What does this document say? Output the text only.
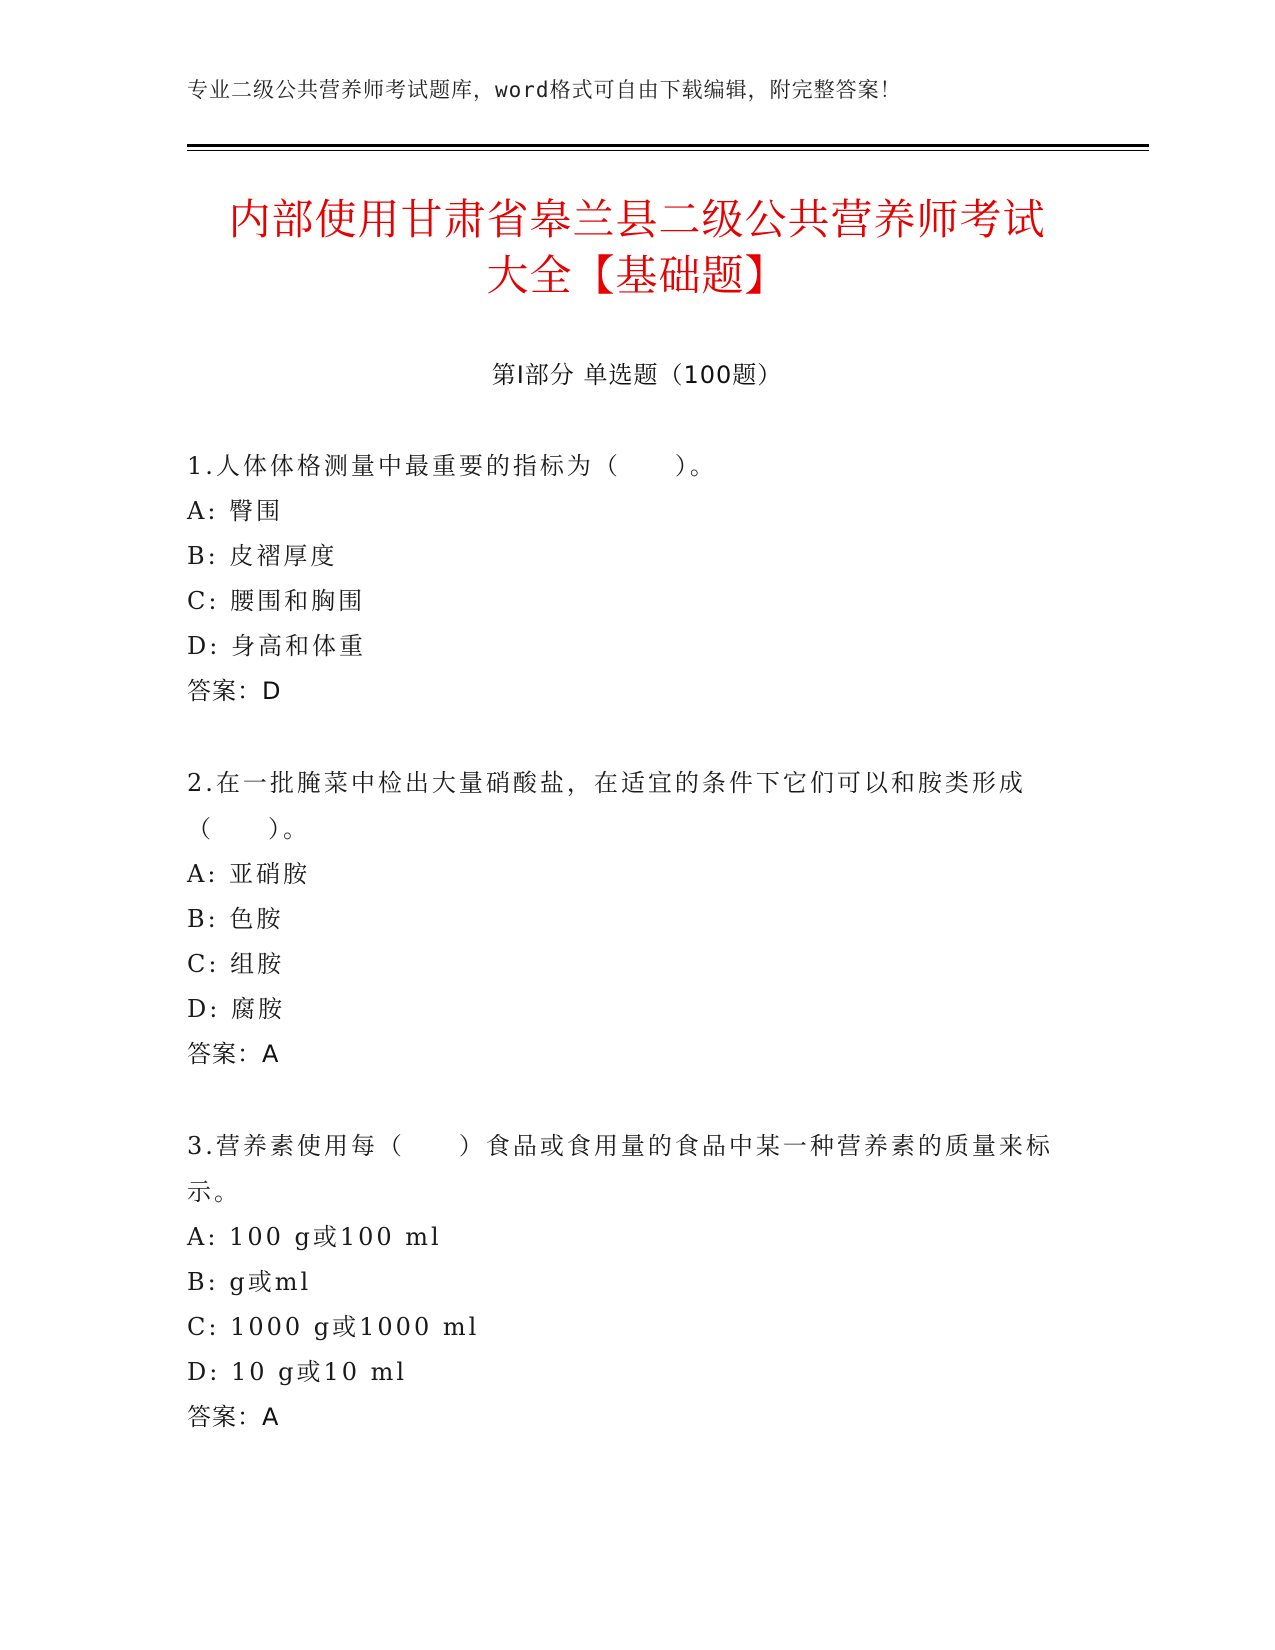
专业二级公共营养师考试题库，word格式可自由下载编辑，附完整答案！
内部使用甘肃省皋兰县二级公共营养师考试
大全【基础题】
第Ⅰ部分 单选题（100题）
1.人体体格测量中最重要的指标为（　　）。
A: 臀围
B: 皮褶厚度
C: 腰围和胸围
D: 身高和体重
答案：D
2.在一批腌菜中检出大量硝酸盐，在适宜的条件下它们可以和胺类形成（　　）。
A: 亚硝胺
B: 色胺
C: 组胺
D: 腐胺
答案：A
3.营养素使用每（　　）食品或食用量的食品中某一种营养素的质量来标示。
A: 100 g或100 ml
B: g或ml
C: 1000 g或1000 ml
D: 10 g或10 ml
答案：A
